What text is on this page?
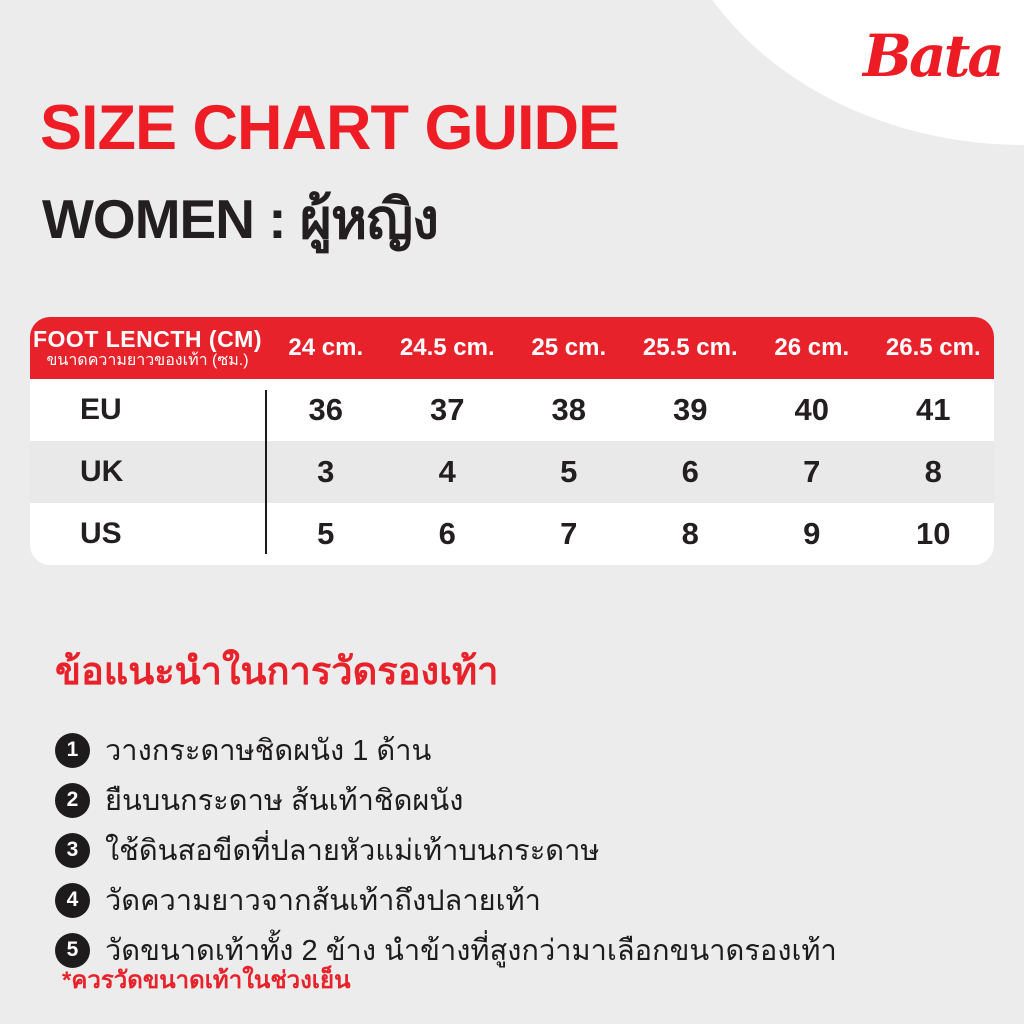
Bata
SIZE CHART GUIDE
WOMEN : ผู้หญิง
FOOT LENCTH (CM)
ขนาดความยาวของเท้า (ซม.)	24 cm.	24.5 cm.	25 cm.	25.5 cm.	26 cm.	26.5 cm.
EU	36	37	38	39	40	41
UK	3	4	5	6	7	8
US	5	6	7	8	9	10
ข้อแนะนำในการวัดรองเท้า
1 วางกระดาษชิดผนัง 1 ด้าน
2 ยืนบนกระดาษ ส้นเท้าชิดผนัง
3 ใช้ดินสอขีดที่ปลายหัวแม่เท้าบนกระดาษ
4 วัดความยาวจากส้นเท้าถึงปลายเท้า
5 วัดขนาดเท้าทั้ง 2 ข้าง นำข้างที่สูงกว่ามาเลือกขนาดรองเท้า
*ควรวัดขนาดเท้าในช่วงเย็น
